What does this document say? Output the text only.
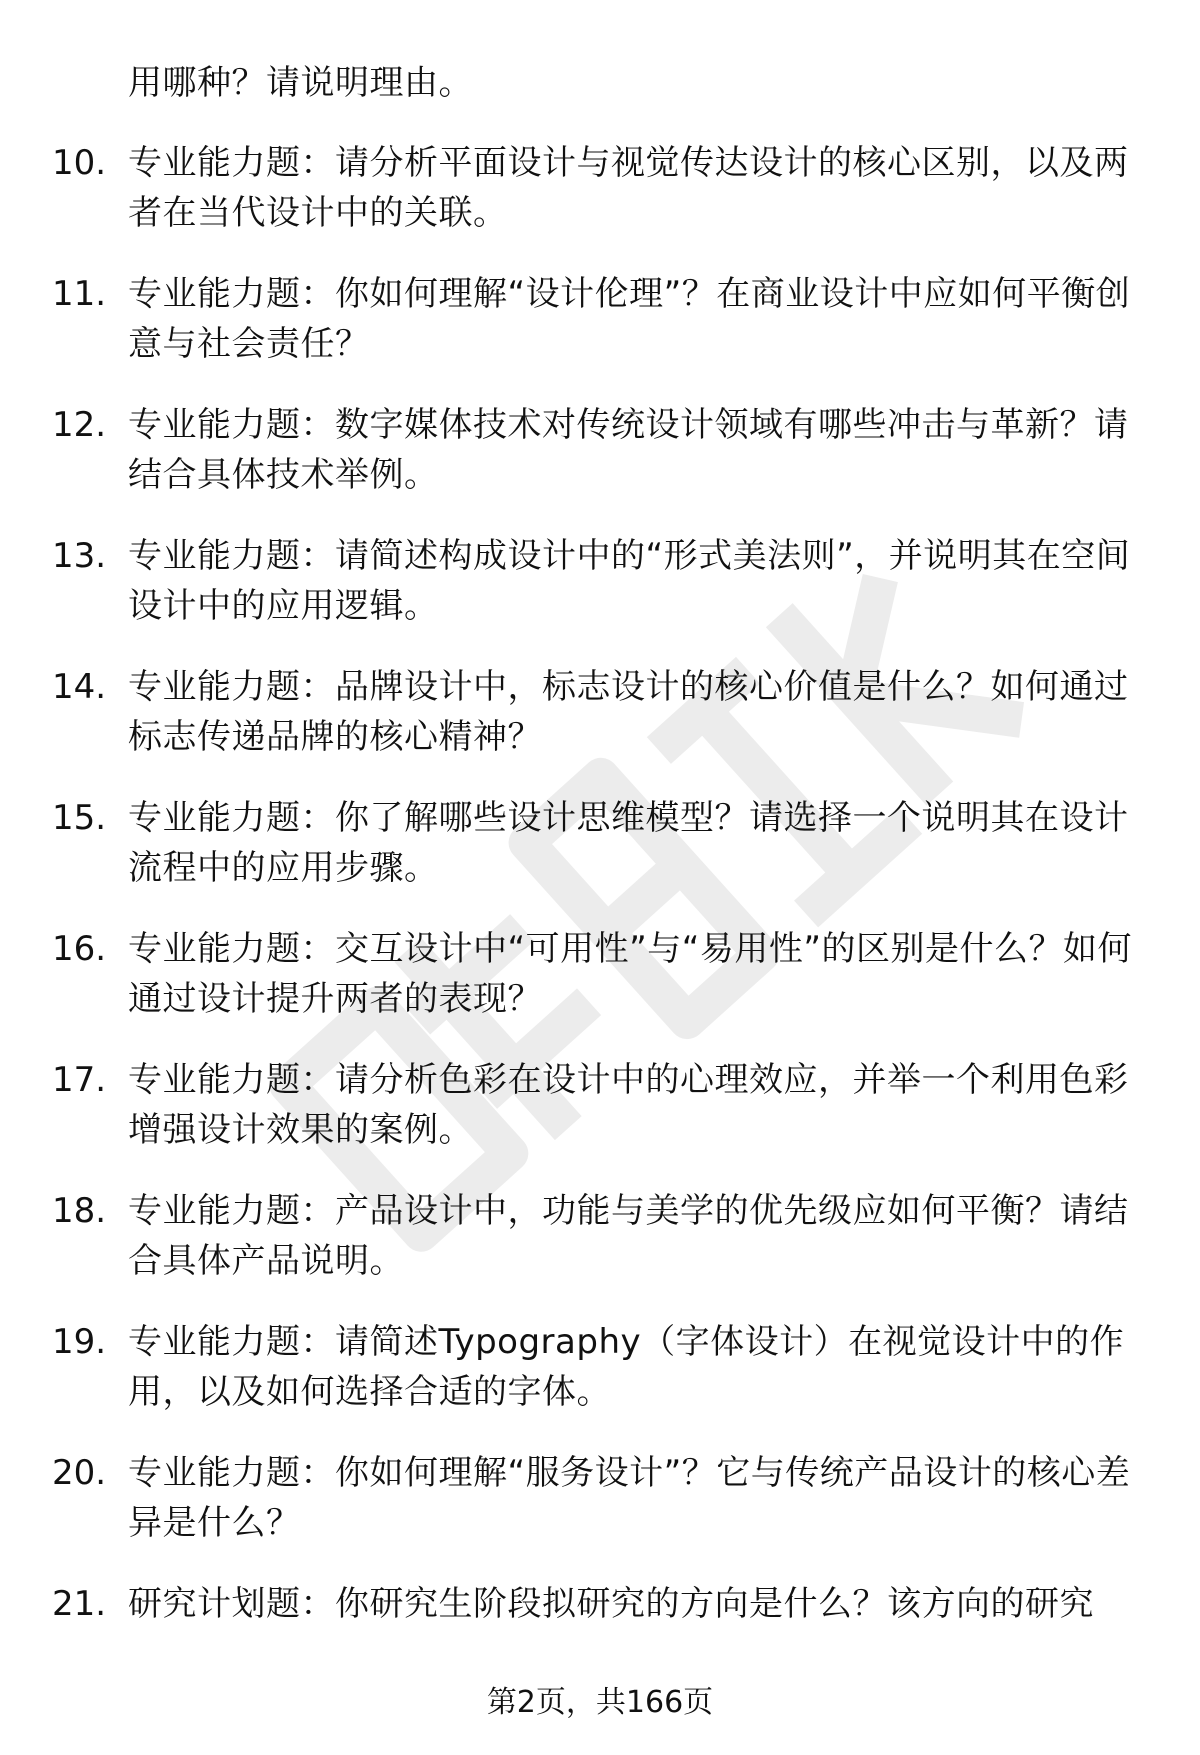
用哪种？请说明理由。
10. 专业能力题：请分析平面设计与视觉传达设计的核心区别，以及两者在当代设计中的关联。
11. 专业能力题：你如何理解“设计伦理”？在商业设计中应如何平衡创意与社会责任？
12. 专业能力题：数字媒体技术对传统设计领域有哪些冲击与革新？请结合具体技术举例。
13. 专业能力题：请简述构成设计中的“形式美法则”，并说明其在空间设计中的应用逻辑。
14. 专业能力题：品牌设计中，标志设计的核心价值是什么？如何通过标志传递品牌的核心精神？
15. 专业能力题：你了解哪些设计思维模型？请选择一个说明其在设计流程中的应用步骤。
16. 专业能力题：交互设计中“可用性”与“易用性”的区别是什么？如何通过设计提升两者的表现？
17. 专业能力题：请分析色彩在设计中的心理效应，并举一个利用色彩增强设计效果的案例。
18. 专业能力题：产品设计中，功能与美学的优先级应如何平衡？请结合具体产品说明。
19. 专业能力题：请简述Typography（字体设计）在视觉设计中的作用，以及如何选择合适的字体。
20. 专业能力题：你如何理解“服务设计”？它与传统产品设计的核心差异是什么？
21. 研究计划题：你研究生阶段拟研究的方向是什么？该方向的研究
第2页，共166页
